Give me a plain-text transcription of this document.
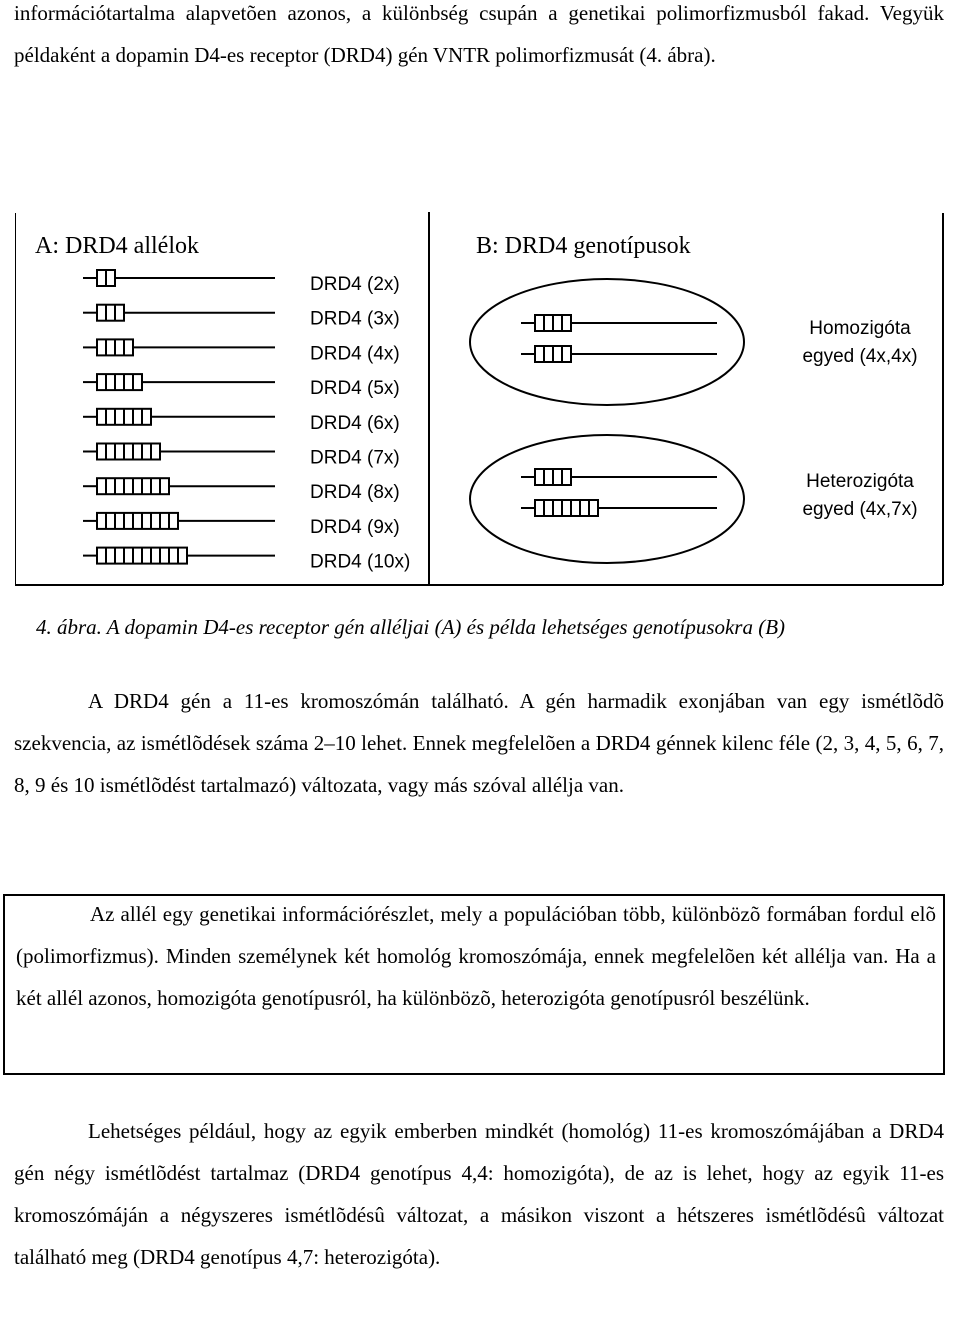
információtartalma alapvetõen azonos, a különbség csupán a genetikai polimorfizmusból fakad. Vegyük példaként a dopamin D4-es receptor (DRD4) gén VNTR polimorfizmusát (4. ábra).

A: DRD4 allélok	B: DRD4 genotípusok
DRD4 (2x)
DRD4 (3x)
DRD4 (4x)
DRD4 (5x)
DRD4 (6x)
DRD4 (7x)
DRD4 (8x)
DRD4 (9x)
DRD4 (10x)
Homozigóta
egyed (4x,4x)
Heterozigóta
egyed (4x,7x)

4. ábra. A dopamin D4-es receptor gén alléljai (A) és példa lehetséges genotípusokra (B)

A DRD4 gén a 11-es kromoszómán található. A gén harmadik exonjában van egy ismétlõdõ szekvencia, az ismétlõdések száma 2–10 lehet. Ennek megfelelõen a DRD4 génnek kilenc féle (2, 3, 4, 5, 6, 7, 8, 9 és 10 ismétlõdést tartalmazó) változata, vagy más szóval allélja van.

Az allél egy genetikai információrészlet, mely a populációban több, különbözõ formában fordul elõ (polimorfizmus). Minden személynek két homológ kromoszómája, ennek megfelelõen két allélja van. Ha a két allél azonos, homozigóta genotípusról, ha különbözõ, heterozigóta genotípusról beszélünk.

Lehetséges például, hogy az egyik emberben mindkét (homológ) 11-es kromoszómájában a DRD4 gén négy ismétlõdést tartalmaz (DRD4 genotípus 4,4: homozigóta), de az is lehet, hogy az egyik 11-es kromoszómáján a négyszeres ismétlõdésû változat, a másikon viszont a hétszeres ismétlõdésû változat található meg (DRD4 genotípus 4,7: heterozigóta).
